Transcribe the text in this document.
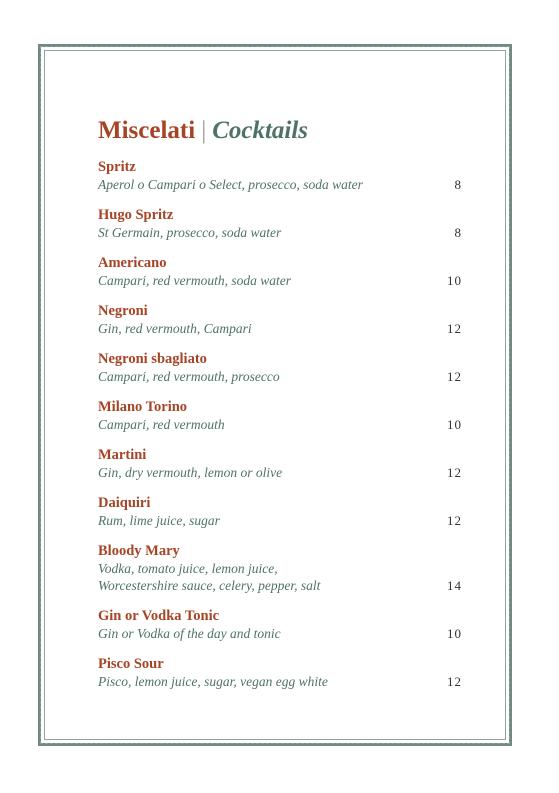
Miscelati | Cocktails
Spritz
Aperol o Campari o Select, prosecco, soda water	8
Hugo Spritz
St Germain, prosecco, soda water	8
Americano
Campari, red vermouth, soda water	10
Negroni
Gin, red vermouth, Campari	12
Negroni sbagliato
Campari, red vermouth, prosecco	12
Milano Torino
Campari, red vermouth	10
Martini
Gin, dry vermouth, lemon or olive	12
Daiquiri
Rum, lime juice, sugar	12
Bloody Mary
Vodka, tomato juice, lemon juice,
Worcestershire sauce, celery, pepper, salt	14
Gin or Vodka Tonic
Gin or Vodka of the day and tonic	10
Pisco Sour
Pisco, lemon juice, sugar, vegan egg white	12
